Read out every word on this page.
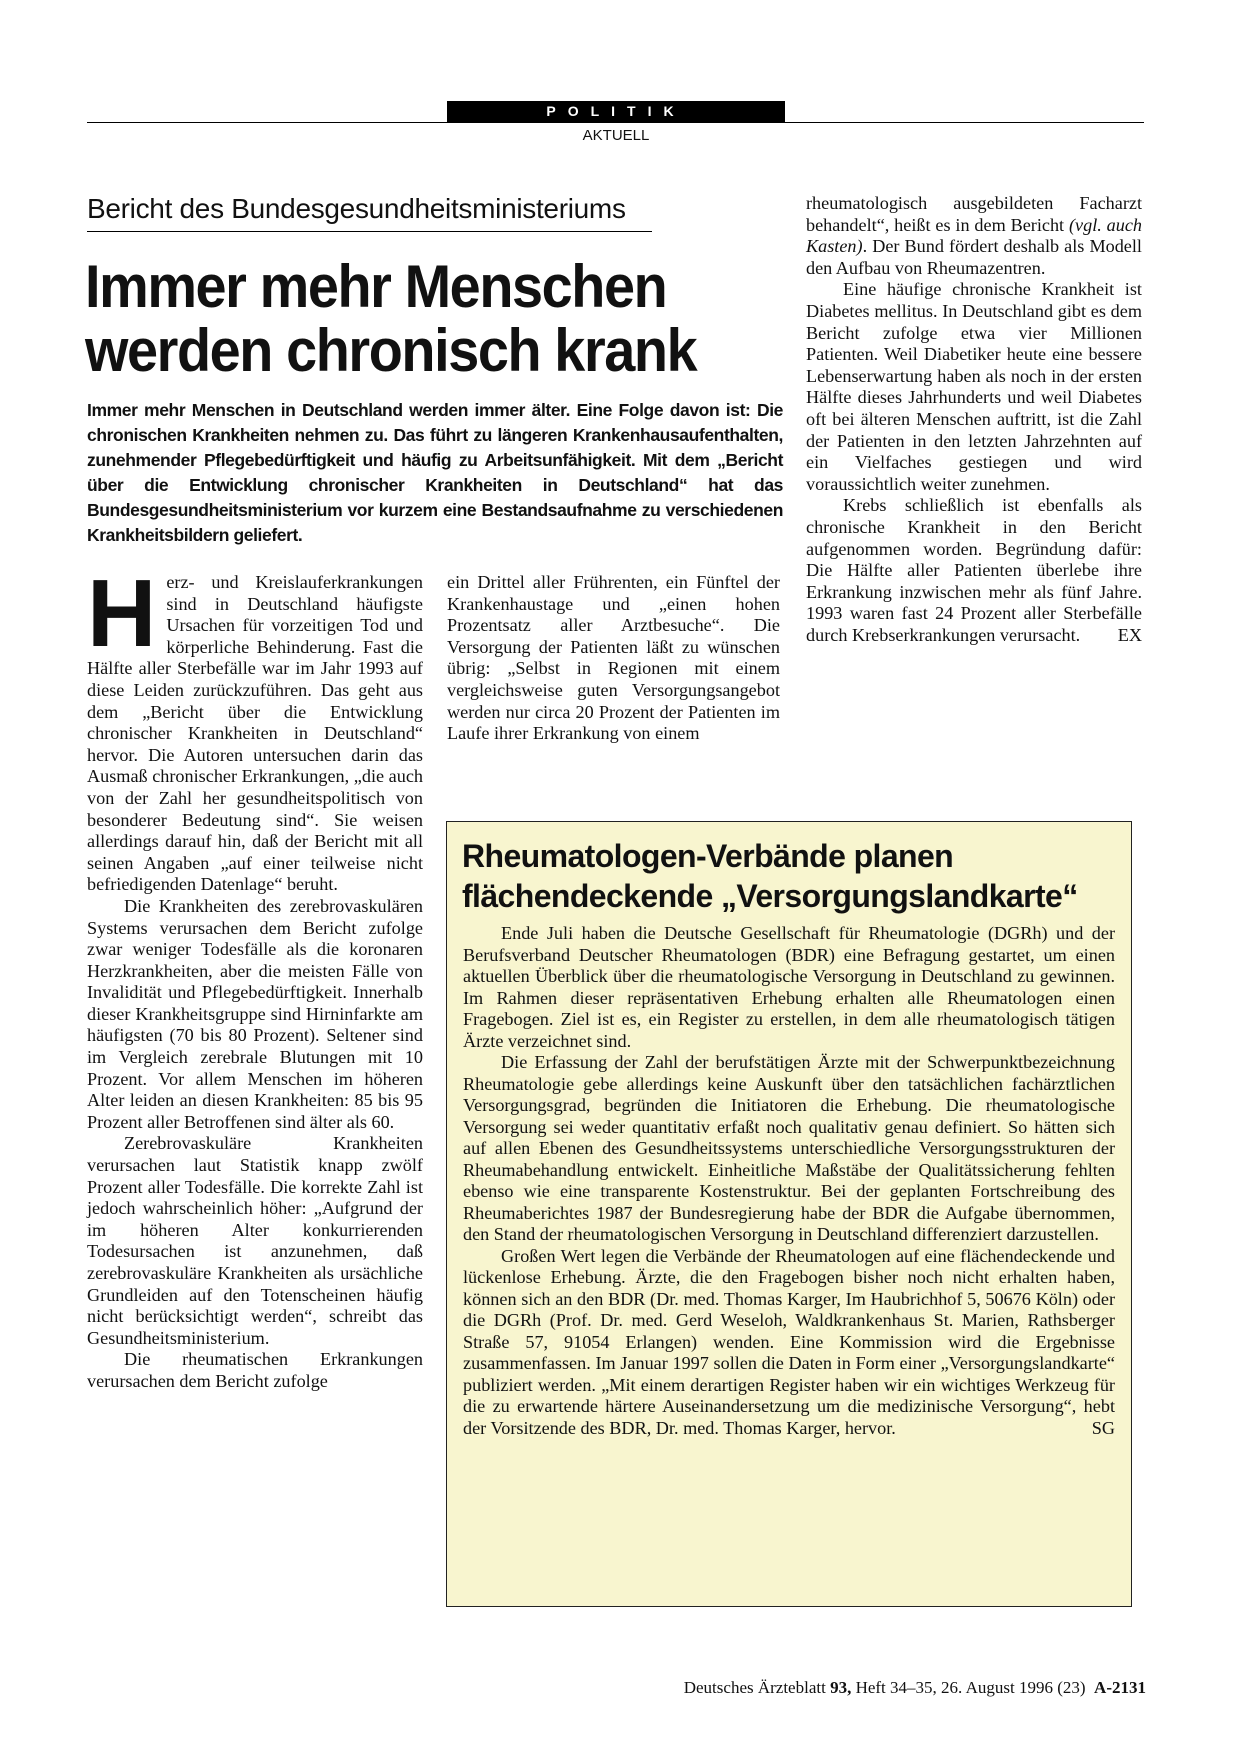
POLITIK
AKTUELL
Bericht des Bundesgesundheitsministeriums
Immer mehr Menschen
werden chronisch krank

Immer mehr Menschen in Deutschland werden immer älter. Eine Folge davon ist: Die chronischen Krankheiten nehmen zu. Das führt zu längeren Krankenhausaufenthalten, zunehmender Pflegebedürftigkeit und häufig zu Arbeitsunfähigkeit. Mit dem „Bericht über die Entwicklung chronischer Krankheiten in Deutschland“ hat das Bundesgesundheitsministerium vor kurzem eine Bestandsaufnahme zu verschiedenen Krankheitsbildern geliefert.

Herz- und Kreislauferkrankungen sind in Deutschland häufigste Ursachen für vorzeitigen Tod und körperliche Behinderung. Fast die Hälfte aller Sterbefälle war im Jahr 1993 auf diese Leiden zurückzuführen. Das geht aus dem „Bericht über die Entwicklung chronischer Krankheiten in Deutschland“ hervor. Die Autoren untersuchen darin das Ausmaß chronischer Erkrankungen, „die auch von der Zahl her gesundheitspolitisch von besonderer Bedeutung sind“. Sie weisen allerdings darauf hin, daß der Bericht mit all seinen Angaben „auf einer teilweise nicht befriedigenden Datenlage“ beruht.

Die Krankheiten des zerebrovaskulären Systems verursachen dem Bericht zufolge zwar weniger Todesfälle als die koronaren Herzkrankheiten, aber die meisten Fälle von Invalidität und Pflegebedürftigkeit. Innerhalb dieser Krankheitsgruppe sind Hirninfarkte am häufigsten (70 bis 80 Prozent). Seltener sind im Vergleich zerebrale Blutungen mit 10 Prozent. Vor allem Menschen im höheren Alter leiden an diesen Krankheiten: 85 bis 95 Prozent aller Betroffenen sind älter als 60.

Zerebrovaskuläre Krankheiten verursachen laut Statistik knapp zwölf Prozent aller Todesfälle. Die korrekte Zahl ist jedoch wahrscheinlich höher: „Aufgrund der im höheren Alter konkurrierenden Todesursachen ist anzunehmen, daß zerebrovaskuläre Krankheiten als ursächliche Grundleiden auf den Totenscheinen häufig nicht berücksichtigt werden“, schreibt das Gesundheitsministerium.

Die rheumatischen Erkrankungen verursachen dem Bericht zufolge

ein Drittel aller Frührenten, ein Fünftel der Krankenhaustage und „einen hohen Prozentsatz aller Arztbesuche“. Die Versorgung der Patienten läßt zu wünschen übrig: „Selbst in Regionen mit einem vergleichsweise guten Versorgungsangebot werden nur circa 20 Prozent der Patienten im Laufe ihrer Erkrankung von einem

rheumatologisch ausgebildeten Facharzt behandelt“, heißt es in dem Bericht (vgl. auch Kasten). Der Bund fördert deshalb als Modell den Aufbau von Rheumazentren.

Eine häufige chronische Krankheit ist Diabetes mellitus. In Deutschland gibt es dem Bericht zufolge etwa vier Millionen Patienten. Weil Diabetiker heute eine bessere Lebenserwartung haben als noch in der ersten Hälfte dieses Jahrhunderts und weil Diabetes oft bei älteren Menschen auftritt, ist die Zahl der Patienten in den letzten Jahrzehnten auf ein Vielfaches gestiegen und wird voraussichtlich weiter zunehmen.

Krebs schließlich ist ebenfalls als chronische Krankheit in den Bericht aufgenommen worden. Begründung dafür: Die Hälfte aller Patienten überlebe ihre Erkrankung inzwischen mehr als fünf Jahre. 1993 waren fast 24 Prozent aller Sterbefälle durch Krebserkrankungen verursacht.	EX

Rheumatologen-Verbände planen
flächendeckende „Versorgungslandkarte“

Ende Juli haben die Deutsche Gesellschaft für Rheumatologie (DGRh) und der Berufsverband Deutscher Rheumatologen (BDR) eine Befragung gestartet, um einen aktuellen Überblick über die rheumatologische Versorgung in Deutschland zu gewinnen. Im Rahmen dieser repräsentativen Erhebung erhalten alle Rheumatologen einen Fragebogen. Ziel ist es, ein Register zu erstellen, in dem alle rheumatologisch tätigen Ärzte verzeichnet sind.

Die Erfassung der Zahl der berufstätigen Ärzte mit der Schwerpunktbezeichnung Rheumatologie gebe allerdings keine Auskunft über den tatsächlichen fachärztlichen Versorgungsgrad, begründen die Initiatoren die Erhebung. Die rheumatologische Versorgung sei weder quantitativ erfaßt noch qualitativ genau definiert. So hätten sich auf allen Ebenen des Gesundheitssystems unterschiedliche Versorgungsstrukturen der Rheumabehandlung entwickelt. Einheitliche Maßstäbe der Qualitätssicherung fehlten ebenso wie eine transparente Kostenstruktur. Bei der geplanten Fortschreibung des Rheumaberichtes 1987 der Bundesregierung habe der BDR die Aufgabe übernommen, den Stand der rheumatologischen Versorgung in Deutschland differenziert darzustellen.

Großen Wert legen die Verbände der Rheumatologen auf eine flächendeckende und lückenlose Erhebung. Ärzte, die den Fragebogen bisher noch nicht erhalten haben, können sich an den BDR (Dr. med. Thomas Karger, Im Haubrichhof 5, 50676 Köln) oder die DGRh (Prof. Dr. med. Gerd Weseloh, Waldkrankenhaus St. Marien, Rathsberger Straße 57, 91054 Erlangen) wenden. Eine Kommission wird die Ergebnisse zusammenfassen. Im Januar 1997 sollen die Daten in Form einer „Versorgungslandkarte“ publiziert werden. „Mit einem derartigen Register haben wir ein wichtiges Werkzeug für die zu erwartende härtere Auseinandersetzung um die medizinische Versorgung“, hebt der Vorsitzende des BDR, Dr. med. Thomas Karger, hervor.	SG

Deutsches Ärzteblatt 93, Heft 34–35, 26. August 1996 (23) A-2131
